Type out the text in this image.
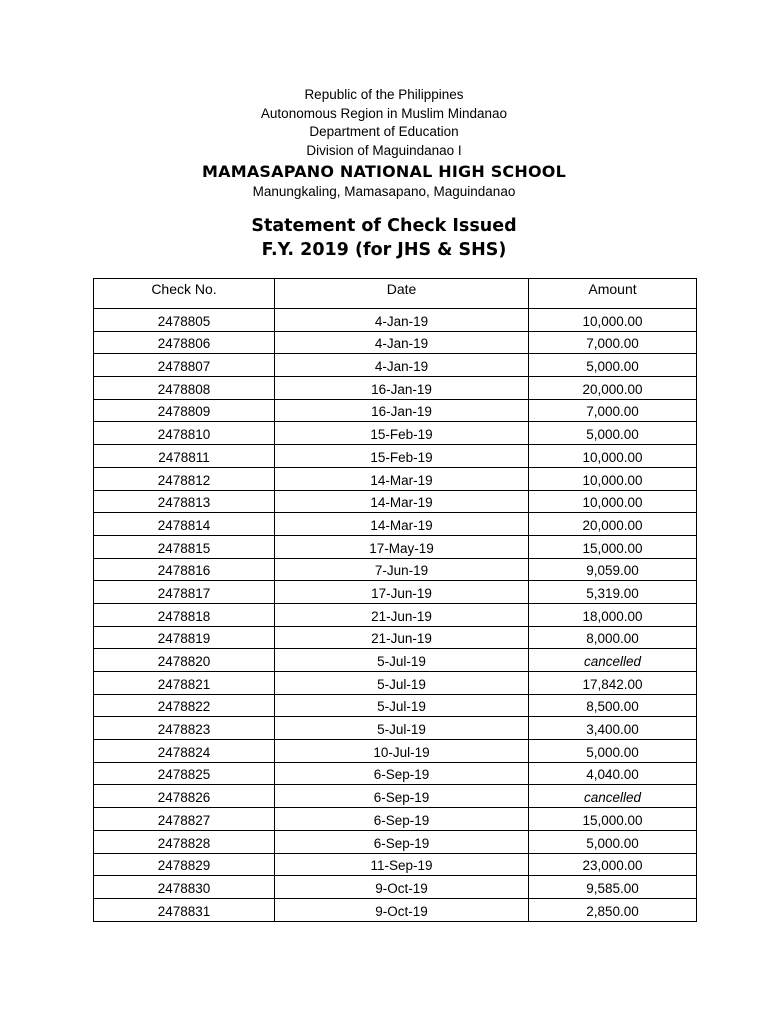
Republic of the Philippines
Autonomous Region in Muslim Mindanao
Department of Education
Division of Maguindanao I
MAMASAPANO NATIONAL HIGH SCHOOL
Manungkaling, Mamasapano, Maguindanao
Statement of Check Issued
F.Y. 2019 (for JHS & SHS)
Check No.	Date	Amount
2478805	4-Jan-19	10,000.00
2478806	4-Jan-19	7,000.00
2478807	4-Jan-19	5,000.00
2478808	16-Jan-19	20,000.00
2478809	16-Jan-19	7,000.00
2478810	15-Feb-19	5,000.00
2478811	15-Feb-19	10,000.00
2478812	14-Mar-19	10,000.00
2478813	14-Mar-19	10,000.00
2478814	14-Mar-19	20,000.00
2478815	17-May-19	15,000.00
2478816	7-Jun-19	9,059.00
2478817	17-Jun-19	5,319.00
2478818	21-Jun-19	18,000.00
2478819	21-Jun-19	8,000.00
2478820	5-Jul-19	cancelled
2478821	5-Jul-19	17,842.00
2478822	5-Jul-19	8,500.00
2478823	5-Jul-19	3,400.00
2478824	10-Jul-19	5,000.00
2478825	6-Sep-19	4,040.00
2478826	6-Sep-19	cancelled
2478827	6-Sep-19	15,000.00
2478828	6-Sep-19	5,000.00
2478829	11-Sep-19	23,000.00
2478830	9-Oct-19	9,585.00
2478831	9-Oct-19	2,850.00
